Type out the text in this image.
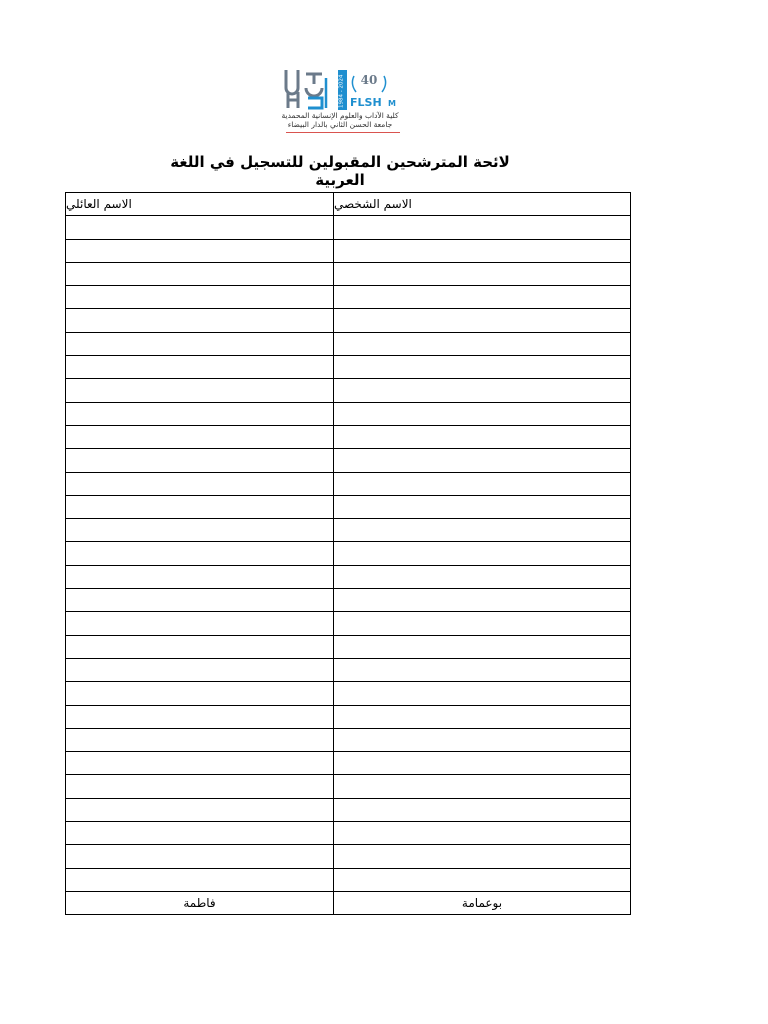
1984 - 2024 40
FLSH M
كلية الآداب والعلوم الإنسانية المحمدية
جامعة الحسن الثاني بالدار البيضاء
لائحة المترشحين المقبولين للتسجيل في اللغة العربية
الاسم العائلي	الاسم الشخصي

فاطمة	بوعمامة
